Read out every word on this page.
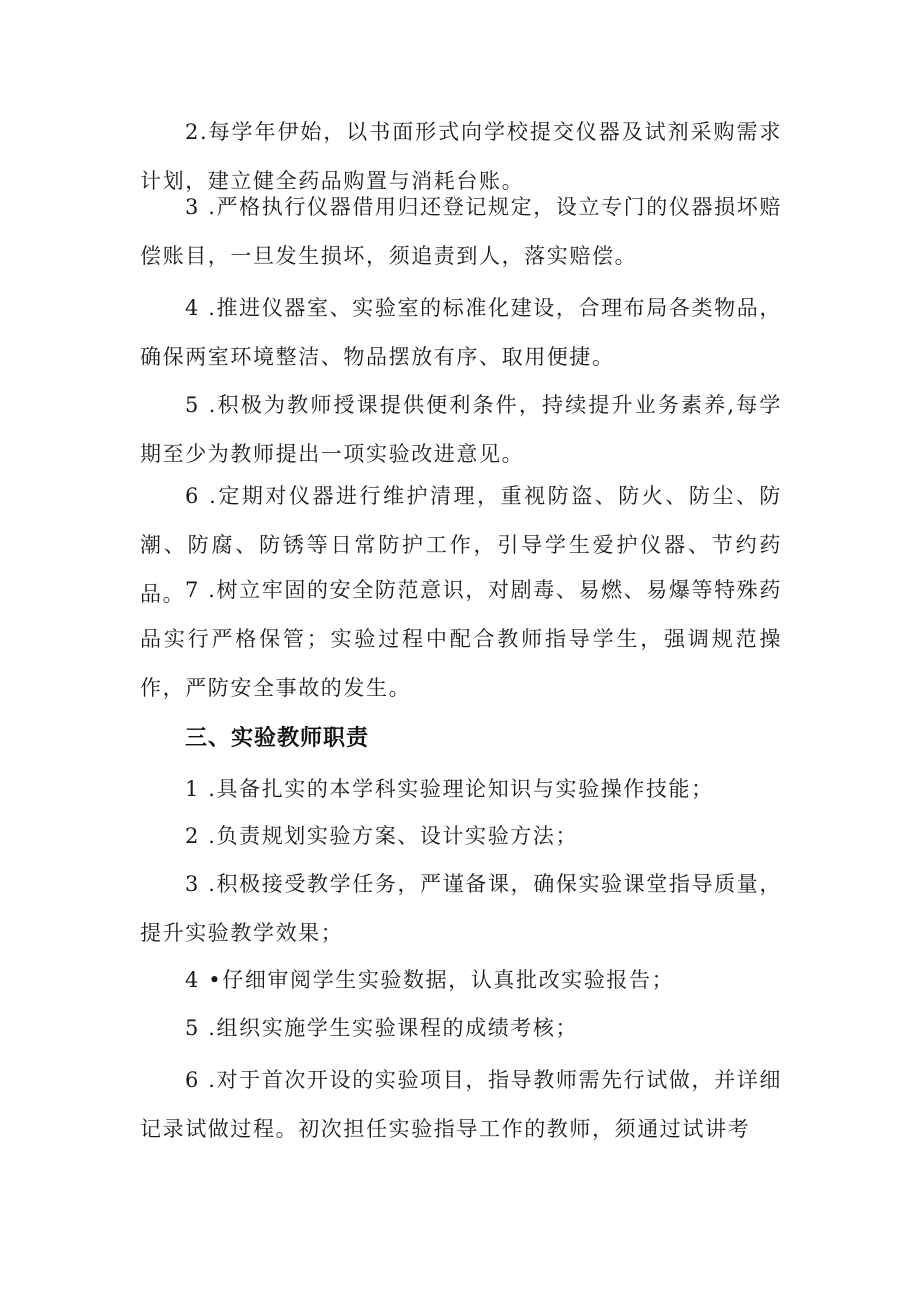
2.每学年伊始，以书面形式向学校提交仪器及试剂采购需求计划，建立健全药品购置与消耗台账。

3 .严格执行仪器借用归还登记规定，设立专门的仪器损坏赔偿账目，一旦发生损坏，须追责到人，落实赔偿。

4 .推进仪器室、实验室的标准化建设，合理布局各类物品，确保两室环境整洁、物品摆放有序、取用便捷。

5 .积极为教师授课提供便利条件，持续提升业务素养,每学期至少为教师提出一项实验改进意见。

6 .定期对仪器进行维护清理，重视防盗、防火、防尘、防潮、防腐、防锈等日常防护工作，引导学生爱护仪器、节约药品。 7 .树立牢固的安全防范意识，对剧毒、易燃、易爆等特殊药品实行严格保管；实验过程中配合教师指导学生，强调规范操作，严防安全事故的发生。

三、实验教师职责

1 .具备扎实的本学科实验理论知识与实验操作技能；

2 .负责规划实验方案、设计实验方法；

3 .积极接受教学任务，严谨备课，确保实验课堂指导质量，提升实验教学效果；

4 •仔细审阅学生实验数据，认真批改实验报告；

5 .组织实施学生实验课程的成绩考核；

6 .对于首次开设的实验项目，指导教师需先行试做，并详细记录试做过程。初次担任实验指导工作的教师，须通过试讲考
